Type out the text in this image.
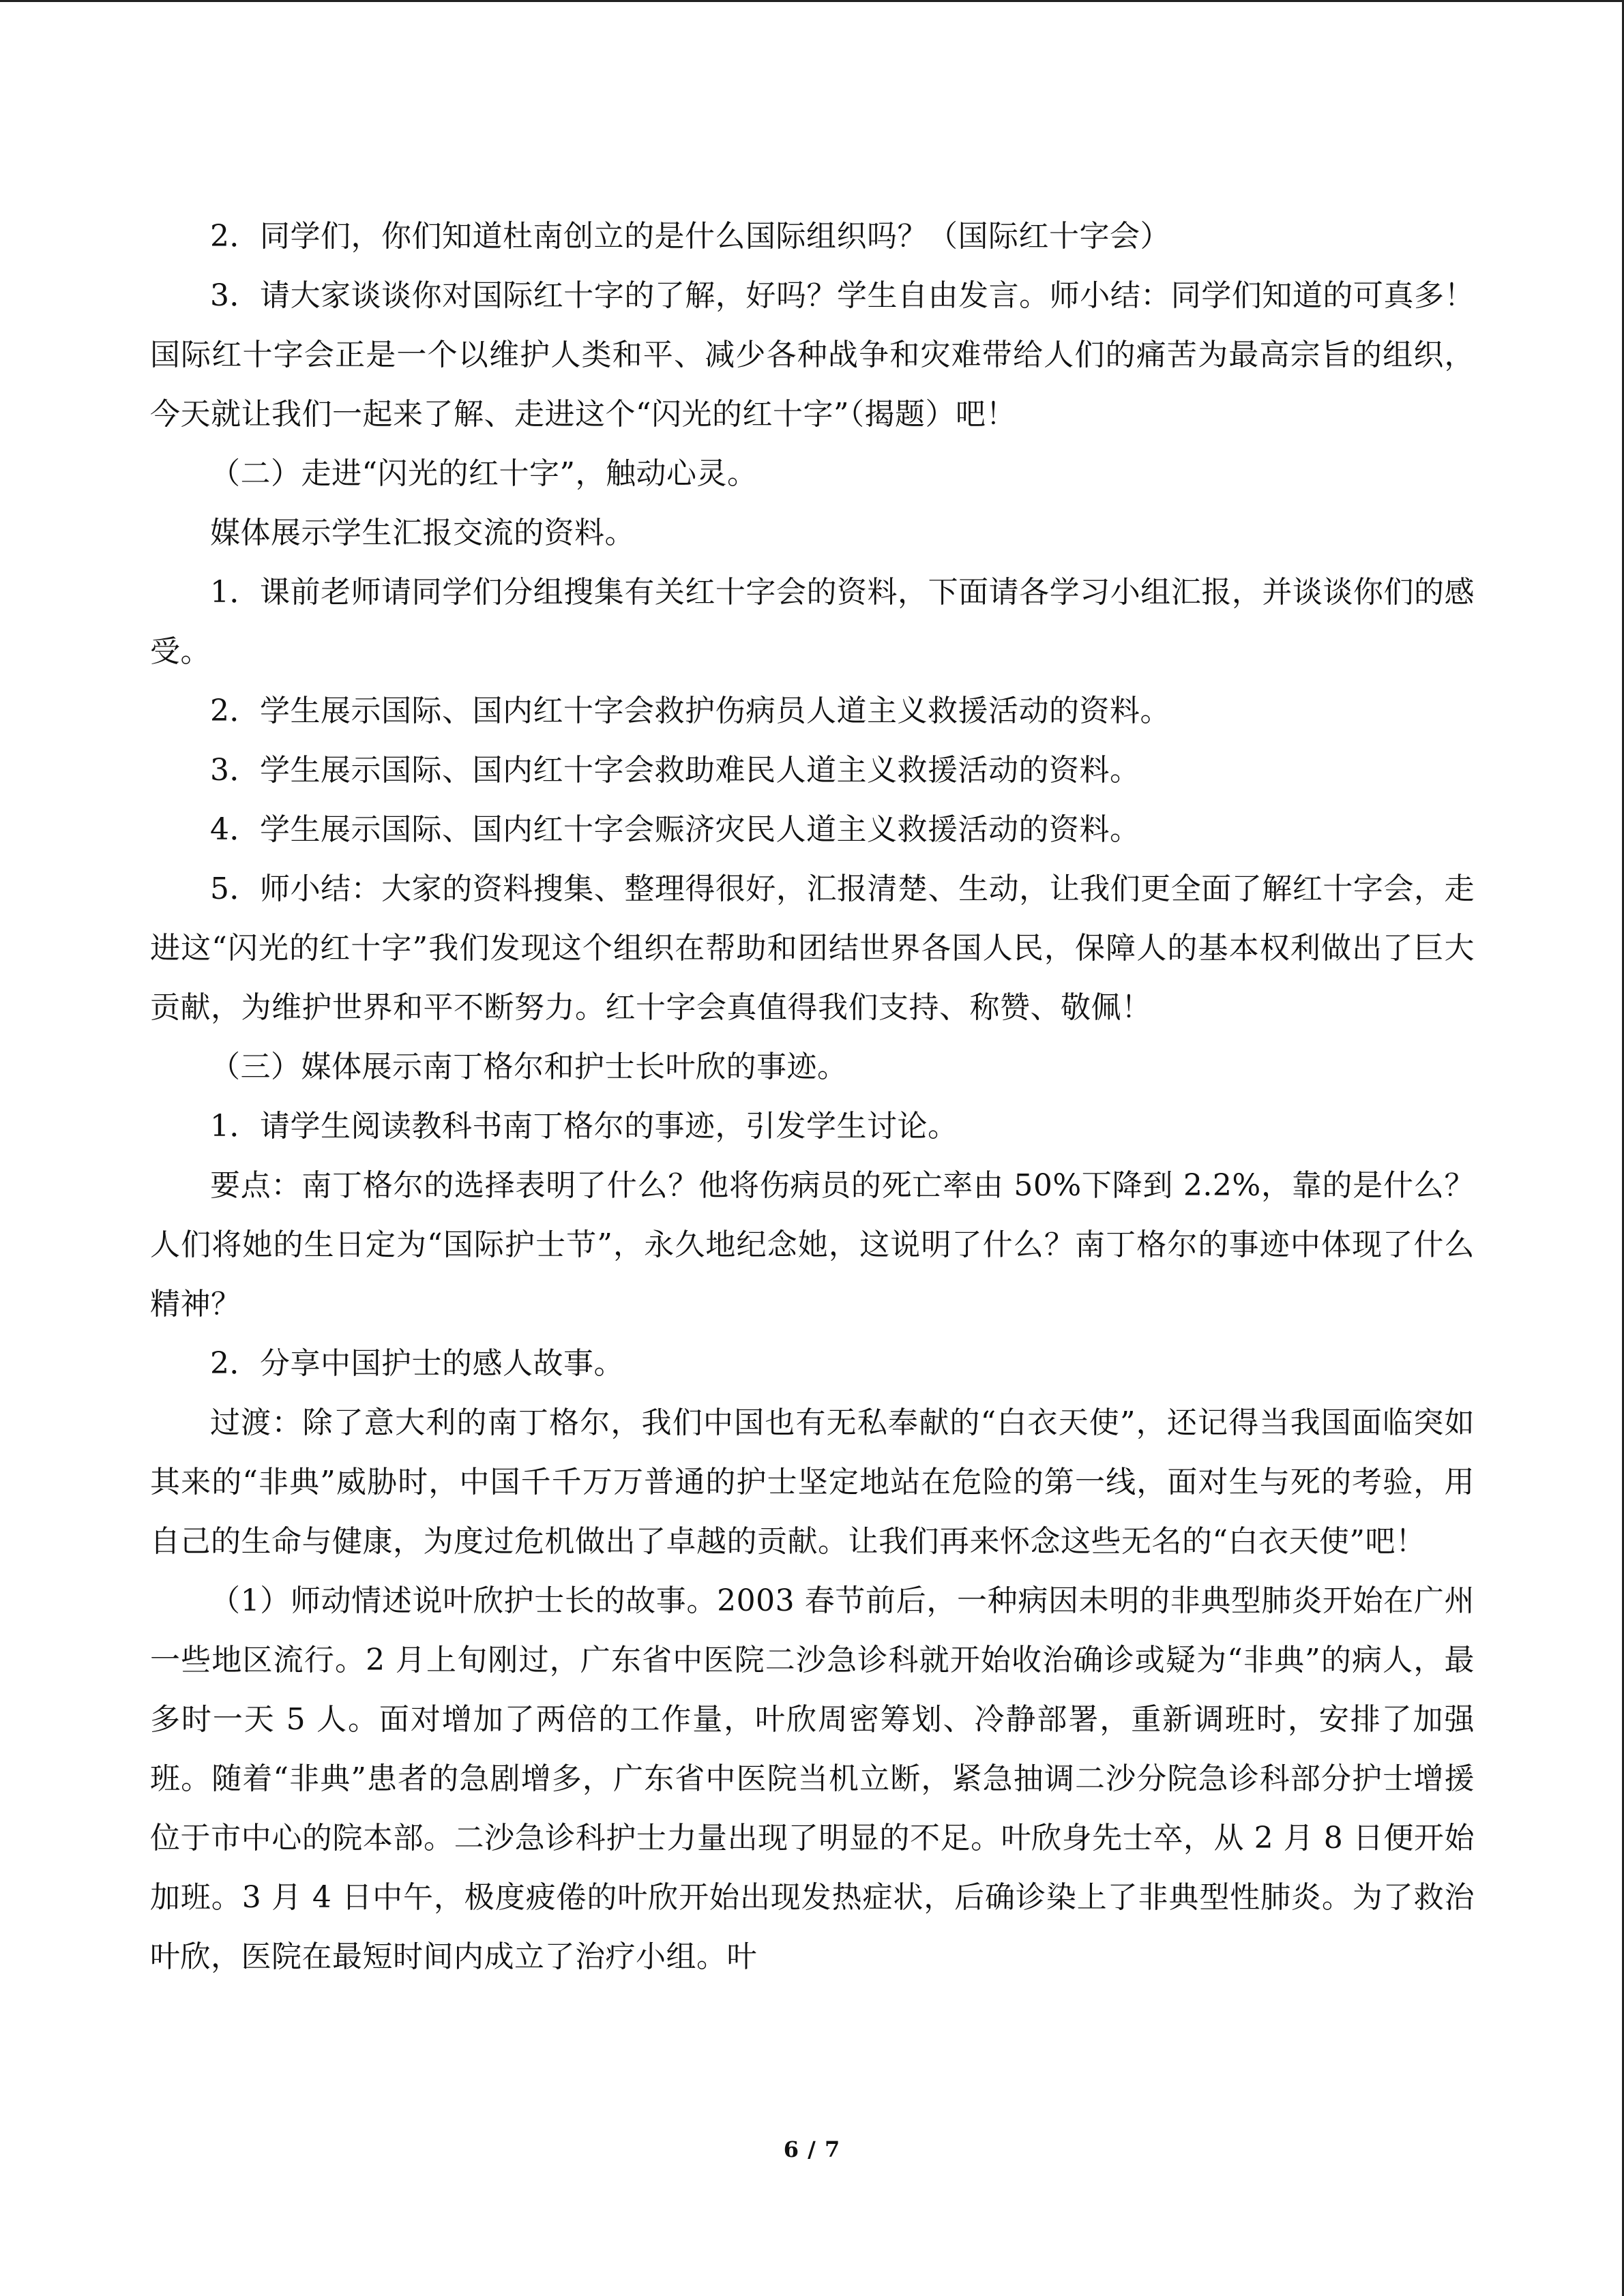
2．同学们，你们知道杜南创立的是什么国际组织吗？（国际红十字会）

3．请大家谈谈你对国际红十字的了解，好吗？学生自由发言。师小结：同学们知道的可真多！国际红十字会正是一个以维护人类和平、减少各种战争和灾难带给人们的痛苦为最高宗旨的组织，今天就让我们一起来了解、走进这个“闪光的红十字”（揭题）吧！

（二）走进“闪光的红十字”，触动心灵。

媒体展示学生汇报交流的资料。

1．课前老师请同学们分组搜集有关红十字会的资料，下面请各学习小组汇报，并谈谈你们的感受。

2．学生展示国际、国内红十字会救护伤病员人道主义救援活动的资料。

3．学生展示国际、国内红十字会救助难民人道主义救援活动的资料。

4．学生展示国际、国内红十字会赈济灾民人道主义救援活动的资料。

5．师小结：大家的资料搜集、整理得很好，汇报清楚、生动，让我们更全面了解红十字会，走进这“闪光的红十字”我们发现这个组织在帮助和团结世界各国人民，保障人的基本权利做出了巨大贡献，为维护世界和平不断努力。红十字会真值得我们支持、称赞、敬佩！

（三）媒体展示南丁格尔和护士长叶欣的事迹。

1．请学生阅读教科书南丁格尔的事迹，引发学生讨论。

要点：南丁格尔的选择表明了什么？他将伤病员的死亡率由 50%下降到 2.2%，靠的是什么？人们将她的生日定为“国际护士节”，永久地纪念她，这说明了什么？南丁格尔的事迹中体现了什么精神？

2．分享中国护士的感人故事。

过渡：除了意大利的南丁格尔，我们中国也有无私奉献的“白衣天使”，还记得当我国面临突如其来的“非典”威胁时，中国千千万万普通的护士坚定地站在危险的第一线，面对生与死的考验，用自己的生命与健康，为度过危机做出了卓越的贡献。让我们再来怀念这些无名的“白衣天使”吧！

（1）师动情述说叶欣护士长的故事。2003 春节前后，一种病因未明的非典型肺炎开始在广州一些地区流行。2 月上旬刚过，广东省中医院二沙急诊科就开始收治确诊或疑为“非典”的病人，最多时一天 5 人。面对增加了两倍的工作量，叶欣周密筹划、冷静部署，重新调班时，安排了加强班。随着“非典”患者的急剧增多，广东省中医院当机立断，紧急抽调二沙分院急诊科部分护士增援位于市中心的院本部。二沙急诊科护士力量出现了明显的不足。叶欣身先士卒，从 2 月 8 日便开始加班。3 月 4 日中午，极度疲倦的叶欣开始出现发热症状，后确诊染上了非典型性肺炎。为了救治叶欣，医院在最短时间内成立了治疗小组。叶

6 / 7
